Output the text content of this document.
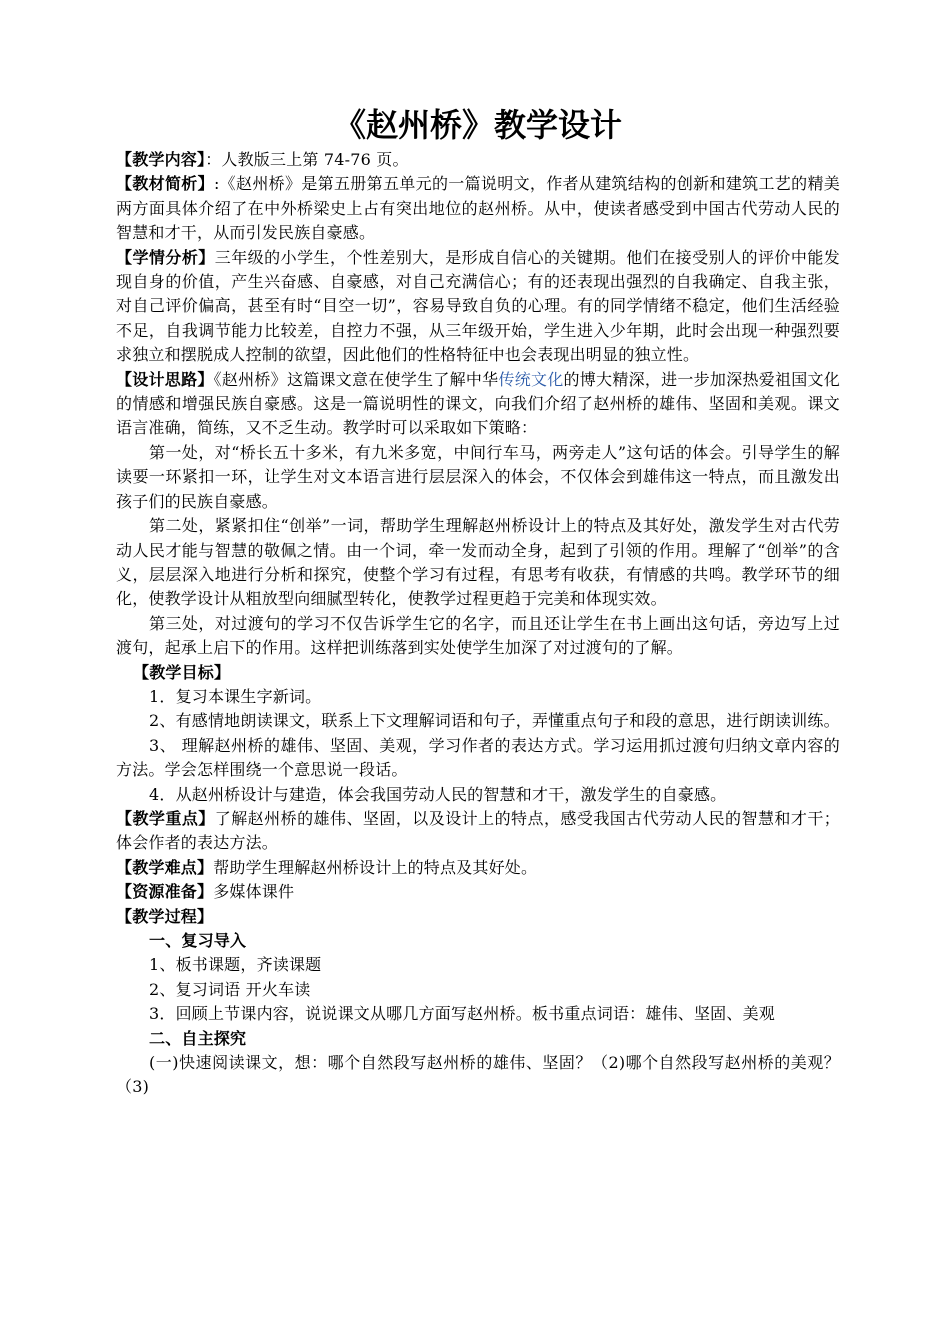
《赵州桥》教学设计

【教学内容】：人教版三上第 74-76 页。

【教材简析】:《赵州桥》是第五册第五单元的一篇说明文，作者从建筑结构的创新和建筑工艺的精美两方面具体介绍了在中外桥梁史上占有突出地位的赵州桥。从中，使读者感受到中国古代劳动人民的智慧和才干，从而引发民族自豪感。

【学情分析】三年级的小学生，个性差别大，是形成自信心的关键期。他们在接受别人的评价中能发现自身的价值，产生兴奋感、自豪感，对自己充满信心；有的还表现出强烈的自我确定、自我主张，对自己评价偏高，甚至有时“目空一切”，容易导致自负的心理。有的同学情绪不稳定，他们生活经验不足，自我调节能力比较差，自控力不强，从三年级开始，学生进入少年期，此时会出现一种强烈要求独立和摆脱成人控制的欲望，因此他们的性格特征中也会表现出明显的独立性。

【设计思路】《赵州桥》这篇课文意在使学生了解中华传统文化的博大精深，进一步加深热爱祖国文化的情感和增强民族自豪感。这是一篇说明性的课文，向我们介绍了赵州桥的雄伟、坚固和美观。课文语言准确，简练，又不乏生动。教学时可以采取如下策略：

第一处，对“桥长五十多米，有九米多宽，中间行车马，两旁走人”这句话的体会。引导学生的解读要一环紧扣一环，让学生对文本语言进行层层深入的体会，不仅体会到雄伟这一特点，而且激发出孩子们的民族自豪感。

第二处，紧紧扣住“创举”一词，帮助学生理解赵州桥设计上的特点及其好处，激发学生对古代劳动人民才能与智慧的敬佩之情。由一个词，牵一发而动全身，起到了引领的作用。理解了“创举”的含义，层层深入地进行分析和探究，使整个学习有过程，有思考有收获，有情感的共鸣。教学环节的细化，使教学设计从粗放型向细腻型转化，使教学过程更趋于完美和体现实效。

第三处，对过渡句的学习不仅告诉学生它的名字，而且还让学生在书上画出这句话，旁边写上过渡句，起承上启下的作用。这样把训练落到实处使学生加深了对过渡句的了解。

【教学目标】

1．复习本课生字新词。

2、有感情地朗读课文，联系上下文理解词语和句子，弄懂重点句子和段的意思，进行朗读训练。

3、 理解赵州桥的雄伟、坚固、美观，学习作者的表达方式。学习运用抓过渡句归纳文章内容的方法。学会怎样围绕一个意思说一段话。

4．从赵州桥设计与建造，体会我国劳动人民的智慧和才干，激发学生的自豪感。

【教学重点】了解赵州桥的雄伟、坚固，以及设计上的特点，感受我国古代劳动人民的智慧和才干；体会作者的表达方法。

【教学难点】帮助学生理解赵州桥设计上的特点及其好处。

【资源准备】多媒体课件

【教学过程】

一、复习导入

1、板书课题，齐读课题

2、复习词语 开火车读

3．回顾上节课内容，说说课文从哪几方面写赵州桥。板书重点词语：雄伟、坚固、美观

二、自主探究

(一)快速阅读课文，想：哪个自然段写赵州桥的雄伟、坚固？（2)哪个自然段写赵州桥的美观？（3)
